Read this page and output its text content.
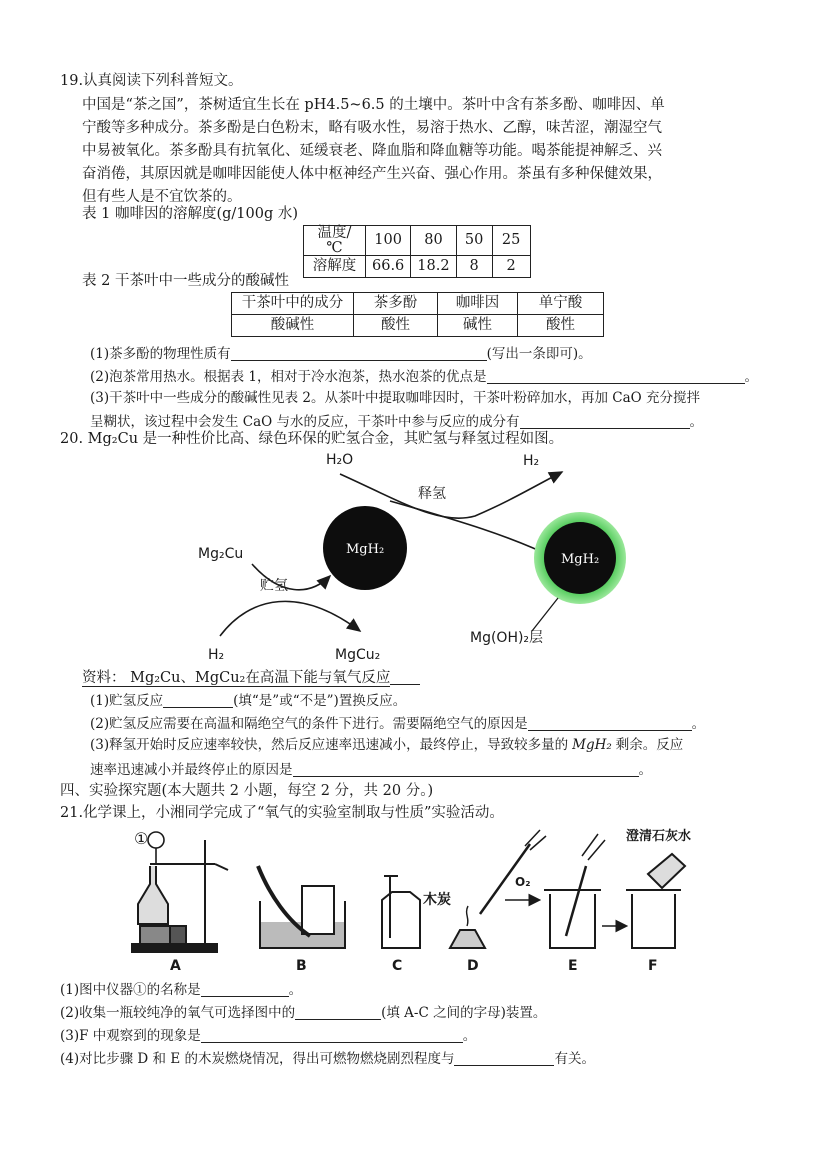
19.认真阅读下列科普短文。
中国是“茶之国”，茶树适宜生长在 pH4.5~6.5 的土壤中。茶叶中含有茶多酚、咖啡因、单
宁酸等多种成分。茶多酚是白色粉末，略有吸水性，易溶于热水、乙醇，味苦涩，潮湿空气
中易被氧化。茶多酚具有抗氧化、延缓衰老、降血脂和降血糖等功能。喝茶能提神解乏、兴
奋消倦，其原因就是咖啡因能使人体中枢神经产生兴奋、强心作用。茶虽有多种保健效果，
但有些人是不宜饮茶的。
表 1 咖啡因的溶解度(g/100g 水)
温度/℃	100	80	50	25
溶解度	66.6	18.2	8	2
表 2 干茶叶中一些成分的酸碱性
干茶叶中的成分	茶多酚	咖啡因	单宁酸
酸碱性	酸性	碱性	酸性
(1)茶多酚的物理性质有	(写出一条即可)。
(2)泡茶常用热水。根据表 1，相对于冷水泡茶，热水泡茶的优点是	。
(3)干茶叶中一些成分的酸碱性见表 2。从茶叶中提取咖啡因时，干茶叶粉碎加水，再加 CaO 充分搅拌
呈糊状，该过程中会发生 CaO 与水的反应，干茶叶中参与反应的成分有	。
20. Mg₂Cu 是一种性价比高、绿色环保的贮氢合金，其贮氢与释氢过程如图。
H₂O	H₂
释氢
Mg₂Cu
贮氢
MgH₂
MgH₂
H₂	MgCu₂
Mg(OH)₂层
资料： Mg₂Cu、MgCu₂在高温下能与氧气反应
(1)贮氢反应	(填“是”或“不是”)置换反应。
(2)贮氢反应需要在高温和隔绝空气的条件下进行。需要隔绝空气的原因是	。
(3)释氢开始时反应速率较快，然后反应速率迅速减小，最终停止，导致较多量的 MgH₂ 剩余。反应
速率迅速减小并最终停止的原因是	。
四、实验探究题(本大题共 2 小题，每空 2 分，共 20 分。)
21.化学课上，小湘同学完成了“氧气的实验室制取与性质”实验活动。
①
木炭
O₂
澄清石灰水
A	B	C	D	E	F
(1)图中仪器①的名称是	。
(2)收集一瓶较纯净的氧气可选择图中的	(填 A-C 之间的字母)装置。
(3)F 中观察到的现象是	。
(4)对比步骤 D 和 E 的木炭燃烧情况，得出可燃物燃烧剧烈程度与	有关。
